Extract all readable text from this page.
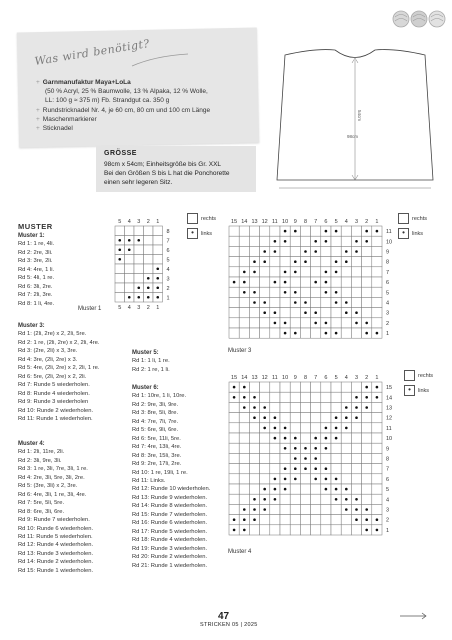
Was wird benötigt?
+ Garnmanufaktur Maya+LoLa
(50 % Acryl, 25 % Baumwolle, 13 % Alpaka, 12 % Wolle,
LL: 100 g ≈ 375 m) Fb. Strandgut ca. 350 g
+ Rundstricknadel Nr. 4, je 60 cm, 80 cm und 100 cm Länge
+ Maschenmarkierer
+ Sticknadel
GRÖSSE
98cm x 54cm; Einheitsgröße bis Gr. XXL
Bei den Größen S bis L hat die Ponchorette
einen sehr legeren Sitz.
54cm
98cm
MUSTER
Muster 1:
Rd 1: 1 re, 4li.
Rd 2: 2re, 3li.
Rd 3: 3re, 2li.
Rd 4: 4re, 1 li.
Rd 5: 4li, 1 re.
Rd 6: 3li, 2re.
Rd 7: 2li, 3re.
Rd 8: 1 li, 4re.
Muster 3:
Rd 1: (2li, 2re) x 2, 2li, 5re.
Rd 2: 1 re, (2li, 2re) x 2, 2li, 4re.
Rd 3: (2re, 2li) x 3, 3re.
Rd 4: 3re, (2li, 2re) x 3.
Rd 5: 4re, (2li, 2re) x 2, 2li, 1 re.
Rd 6: 5re, (2li, 2re) x 2, 2li.
Rd 7: Runde 5 wiederholen.
Rd 8: Runde 4 wiederholen.
Rd 9: Runde 3 wiederholen
Rd 10: Runde 2 wiederholen.
Rd 11: Runde 1 wiederholen.
Muster 4:
Rd 1: 2li, 11re, 2li.
Rd 2: 3li, 9re, 3li.
Rd 3: 1 re, 3li, 7re, 3li, 1 re.
Rd 4: 2re, 3li, 5re, 3li, 2re.
Rd 5: (3re, 3li) x 2, 3re.
Rd 6: 4re, 3li, 1 re, 3li, 4re.
Rd 7: 5re, 5li, 5re.
Rd 8: 6re, 3li, 6re.
Rd 9: Runde 7 wiederholen.
Rd 10: Runde 6 wiederholen.
Rd 11: Runde 5 wiederholen.
Rd 12: Runde 4 wiederholen.
Rd 13: Runde 3 wiederholen.
Rd 14: Runde 2 wiederholen.
Rd 15: Runde 1 wiederholen.
Muster 5:
Rd 1: 1 li, 1 re.
Rd 2: 1 re, 1 li.
Muster 6:
Rd 1: 10re, 1 li, 10re.
Rd 2: 9re, 3li, 9re.
Rd 3: 8re, 5li, 8re.
Rd 4: 7re, 7li, 7re.
Rd 5: 6re, 9li, 6re.
Rd 6: 5re, 11li, 5re.
Rd 7: 4re, 13li, 4re.
Rd 8: 3re, 15li, 3re.
Rd 9: 2re, 17li, 2re.
Rd 10: 1 re, 19li, 1 re.
Rd 11: Links.
Rd 12: Runde 10 wiederholen.
Rd 13: Runde 9 wiederholen.
Rd 14: Runde 8 wiederholen.
Rd 15: Runde 7 wiederholen.
Rd 16: Runde 6 wiederholen.
Rd 17: Runde 5 wiederholen.
Rd 18: Runde 4 wiederholen.
Rd 19: Runde 3 wiederholen.
Rd 20: Runde 2 wiederholen.
Rd 21: Runde 1 wiederholen.
5
5
4
4
3
3
2
2
1
1
8
7
6
5
4
3
2
1
15 14 13 12 11 10 9 8 7 6 5 4 3 2 1
11
10
9
8
7
6
5
4
3
2
1
15 14 13 12 11 10 9 8 7 6 5 4 3 2 1
15
14
13
12
11
10
9
8
7
6
5
4
3
2
1
Muster 1
Muster 3
Muster 4
rechts
• links
rechts
• links
rechts
• links
47
STRICKEN 05 | 2025
